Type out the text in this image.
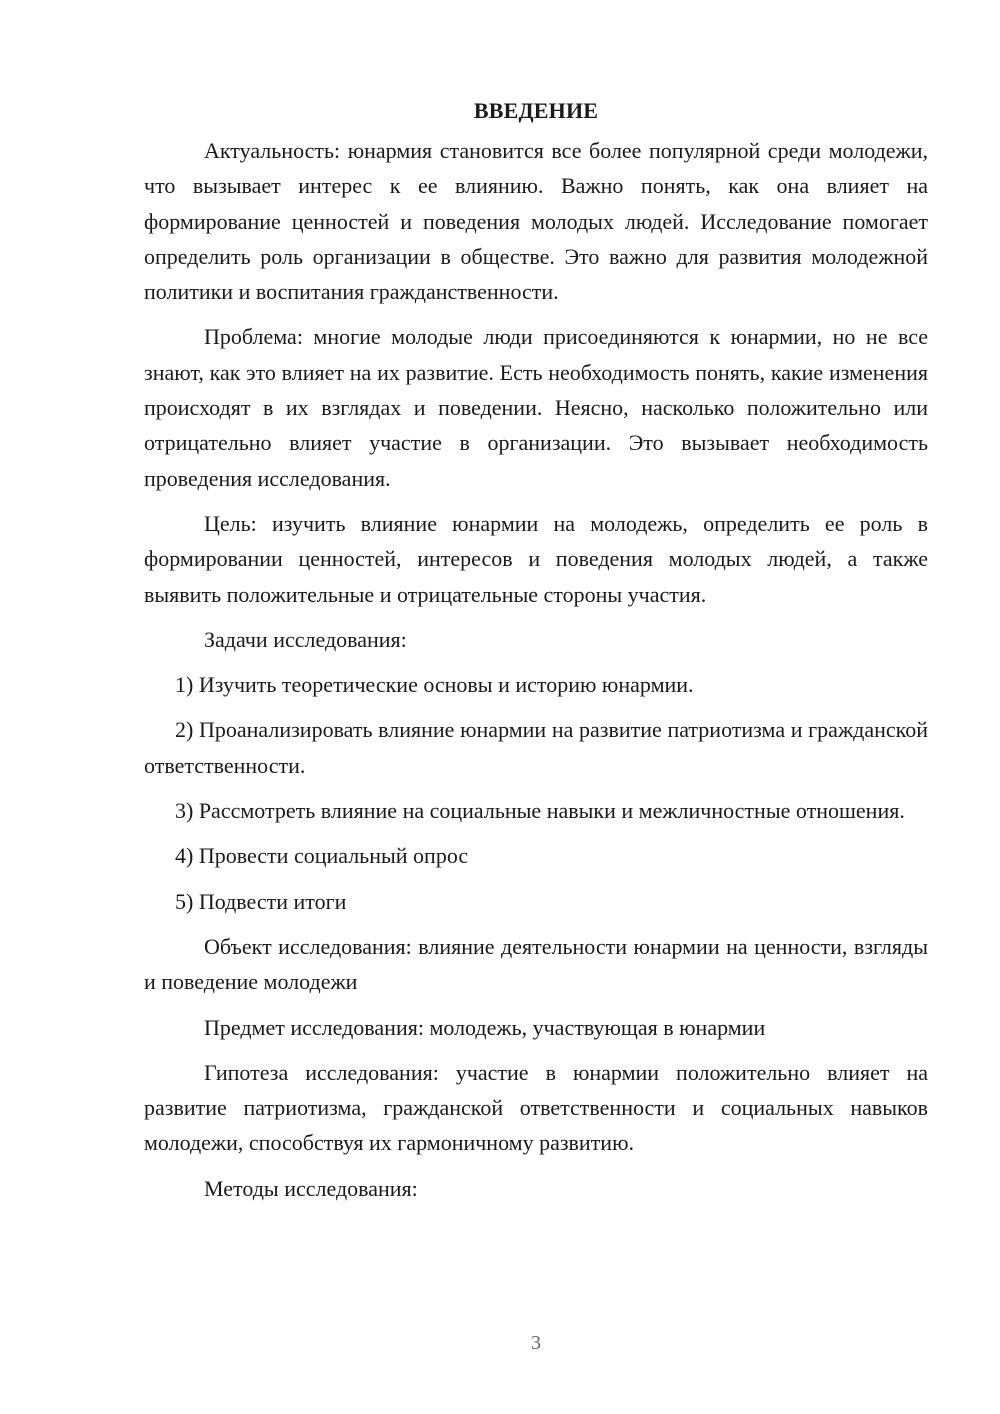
ВВЕДЕНИЕ

Актуальность: юнармия становится все более популярной среди молодежи, что вызывает интерес к ее влиянию. Важно понять, как она влияет на формирование ценностей и поведения молодых людей. Исследование помогает определить роль организации в обществе. Это важно для развития молодежной политики и воспитания гражданственности.

Проблема: многие молодые люди присоединяются к юнармии, но не все знают, как это влияет на их развитие. Есть необходимость понять, какие изменения происходят в их взглядах и поведении. Неясно, насколько положительно или отрицательно влияет участие в организации. Это вызывает необходимость проведения исследования.

Цель: изучить влияние юнармии на молодежь, определить ее роль в формировании ценностей, интересов и поведения молодых людей, а также выявить положительные и отрицательные стороны участия.

Задачи исследования:

1) Изучить теоретические основы и историю юнармии.

2) Проанализировать влияние юнармии на развитие патриотизма и гражданской ответственности.

3) Рассмотреть влияние на социальные навыки и межличностные отношения.

4) Провести социальный опрос

5) Подвести итоги

Объект исследования: влияние деятельности юнармии на ценности, взгляды и поведение молодежи

Предмет исследования: молодежь, участвующая в юнармии

Гипотеза исследования: участие в юнармии положительно влияет на развитие патриотизма, гражданской ответственности и социальных навыков молодежи, способствуя их гармоничному развитию.

Методы исследования:

3
